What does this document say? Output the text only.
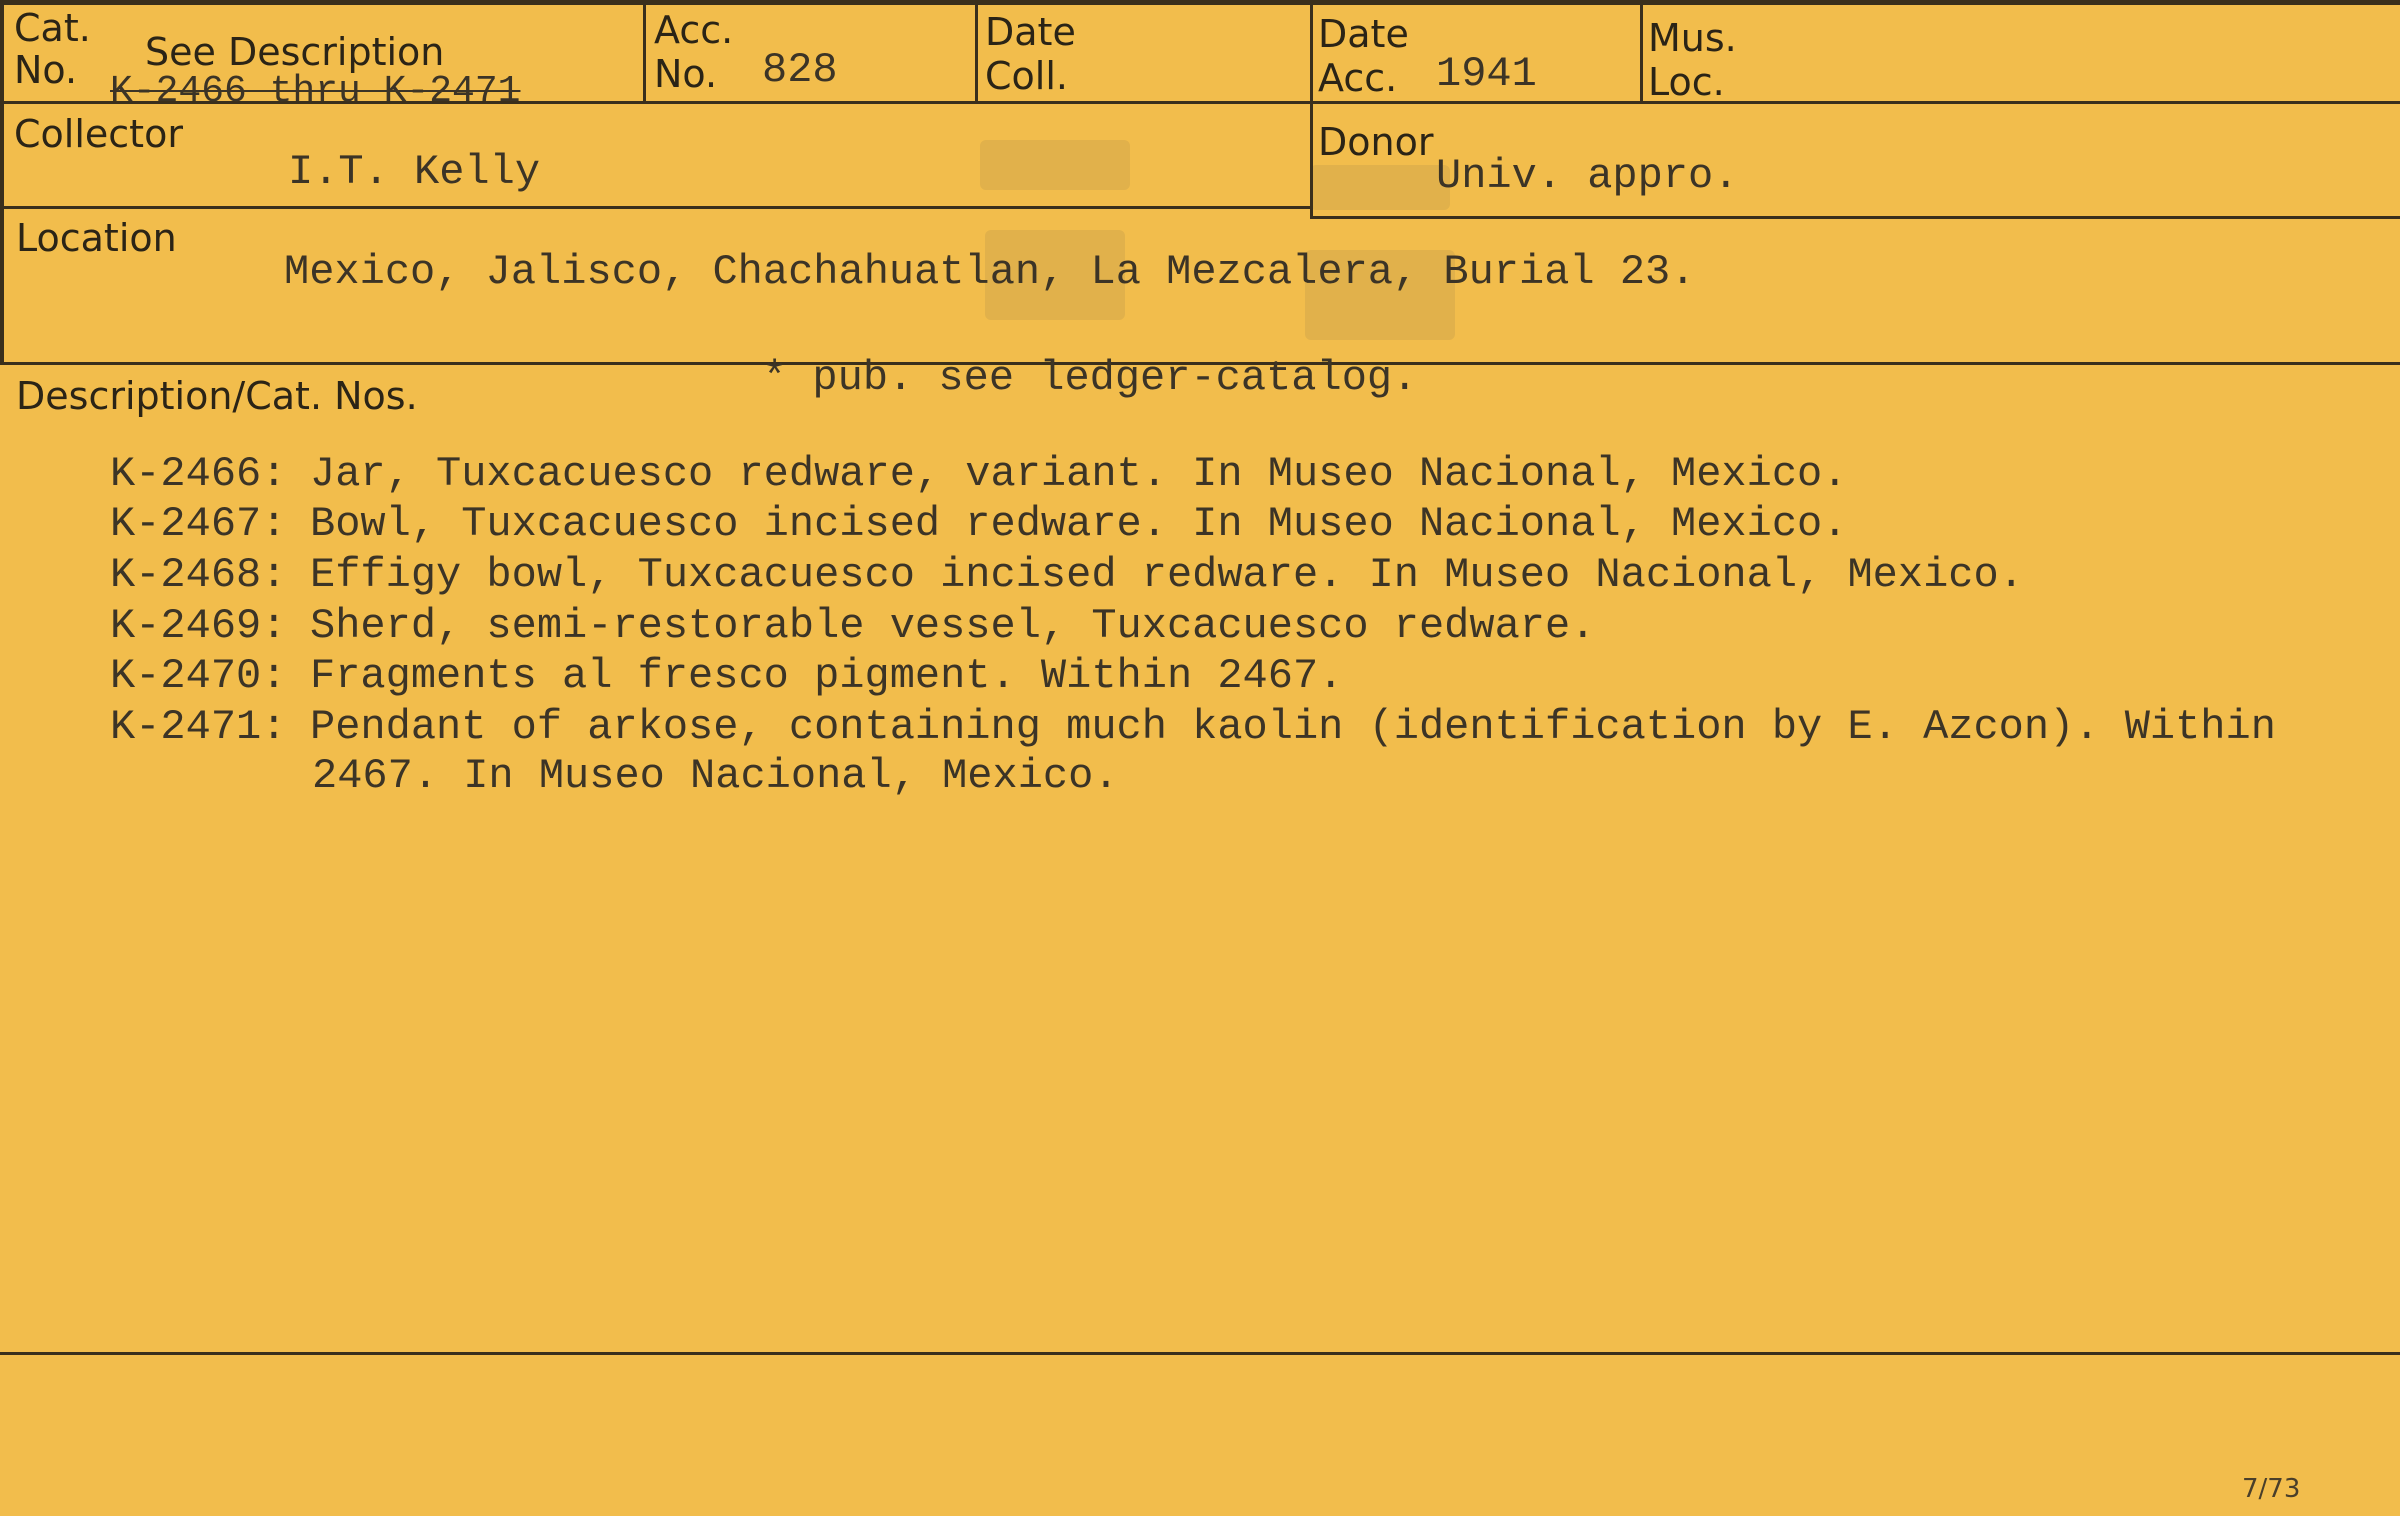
Cat.
No. See Description
K-2466 thru K-2471
Acc.
No. 828
Date
Coll.
Date
Acc. 1941
Mus.
Loc.
Collector
I.T. Kelly
Donor
Univ. appro.
Location
Mexico, Jalisco, Chachahuatlan, La Mezcalera, Burial 23.
* pub. see ledger-catalog.
Description/Cat. Nos.
K-2466: Jar, Tuxcacuesco redware, variant. In Museo Nacional, Mexico.
K-2467: Bowl, Tuxcacuesco incised redware. In Museo Nacional, Mexico.
K-2468: Effigy bowl, Tuxcacuesco incised redware. In Museo Nacional, Mexico.
K-2469: Sherd, semi-restorable vessel, Tuxcacuesco redware.
K-2470: Fragments al fresco pigment. Within 2467.
K-2471: Pendant of arkose, containing much kaolin (identification by E. Azcon). Within
2467. In Museo Nacional, Mexico.
7/73
